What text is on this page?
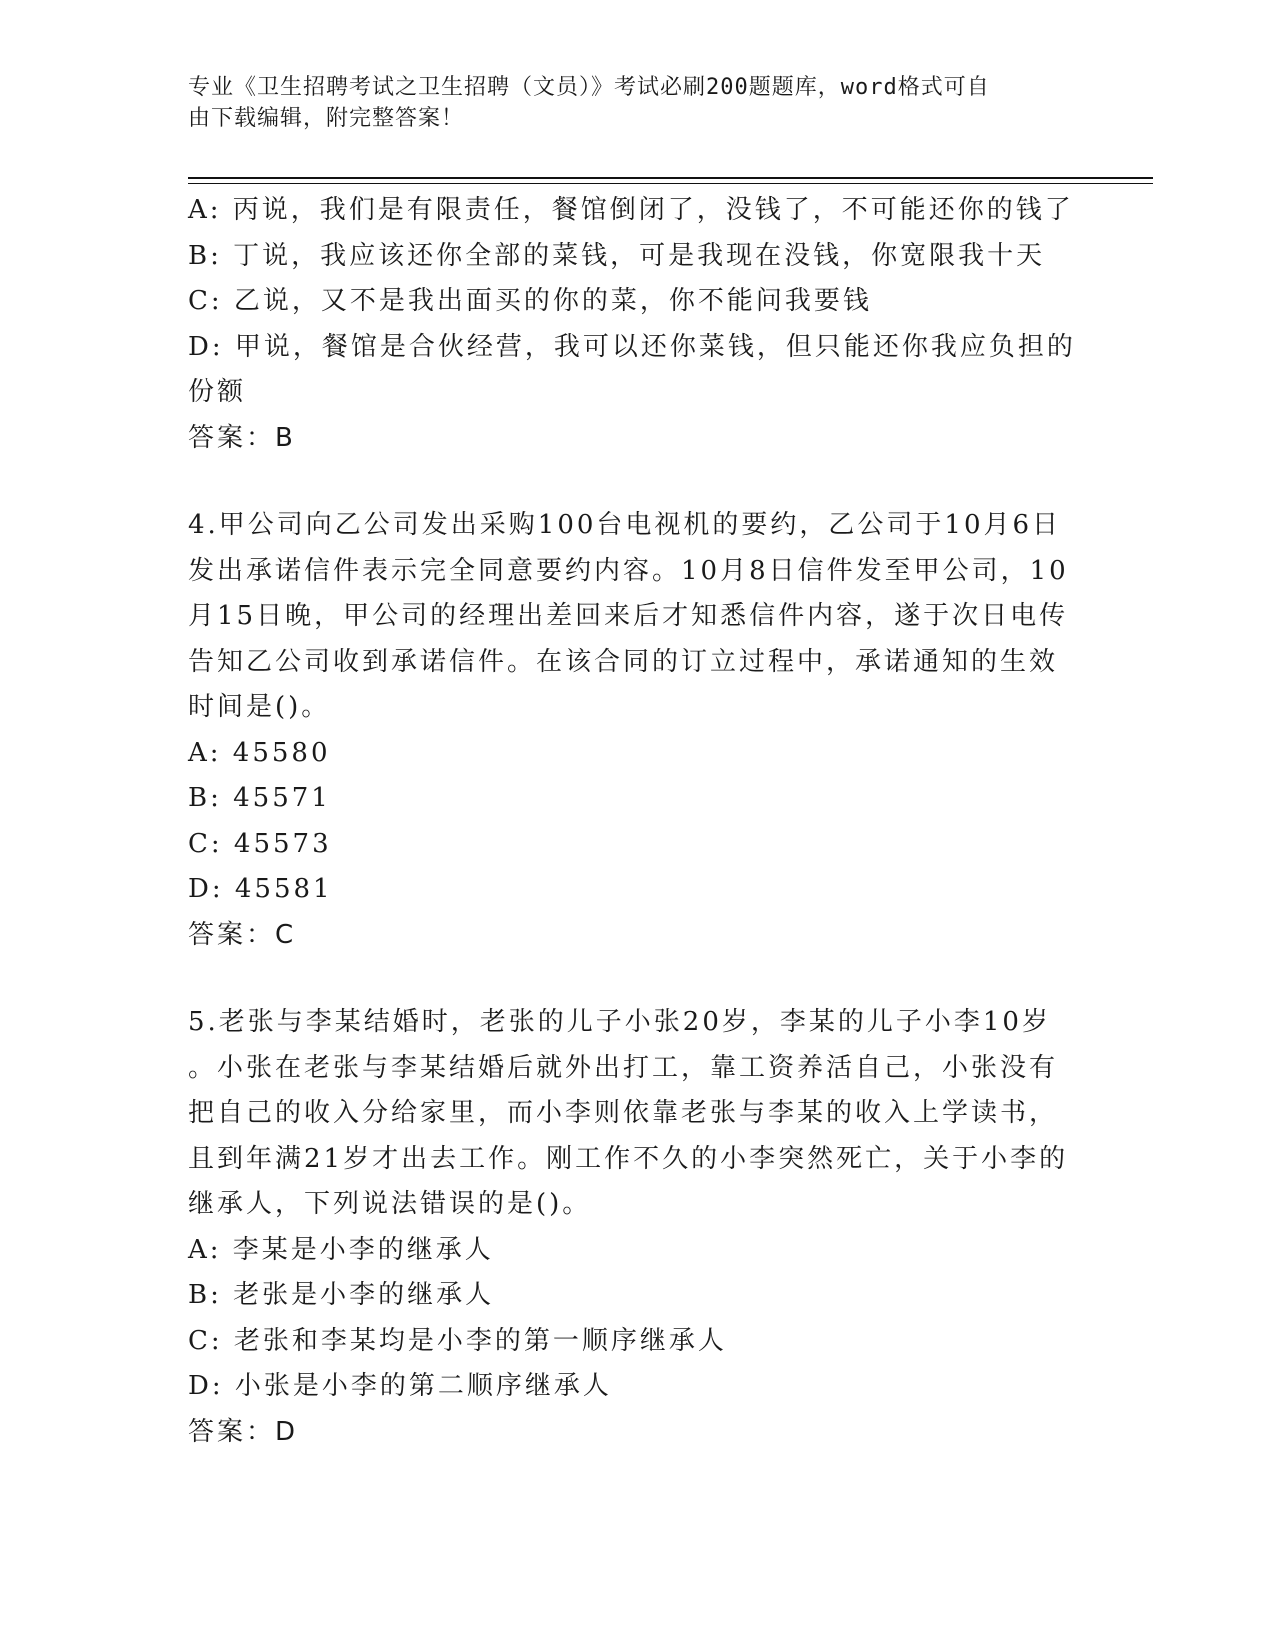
专业《卫生招聘考试之卫生招聘（文员）》考试必刷200题题库，word格式可自
由下载编辑，附完整答案！
A: 丙说，我们是有限责任，餐馆倒闭了，没钱了，不可能还你的钱了
B: 丁说，我应该还你全部的菜钱，可是我现在没钱，你宽限我十天
C: 乙说，又不是我出面买的你的菜，你不能问我要钱
D: 甲说，餐馆是合伙经营，我可以还你菜钱，但只能还你我应负担的
份额
答案：B
4.甲公司向乙公司发出采购100台电视机的要约，乙公司于10月6日
发出承诺信件表示完全同意要约内容。10月8日信件发至甲公司，10
月15日晚，甲公司的经理出差回来后才知悉信件内容，遂于次日电传
告知乙公司收到承诺信件。在该合同的订立过程中，承诺通知的生效
时间是()。
A: 45580
B: 45571
C: 45573
D: 45581
答案：C
5.老张与李某结婚时，老张的儿子小张20岁，李某的儿子小李10岁
。小张在老张与李某结婚后就外出打工，靠工资养活自己，小张没有
把自己的收入分给家里，而小李则依靠老张与李某的收入上学读书，
且到年满21岁才出去工作。刚工作不久的小李突然死亡，关于小李的
继承人，下列说法错误的是()。
A: 李某是小李的继承人
B: 老张是小李的继承人
C: 老张和李某均是小李的第一顺序继承人
D: 小张是小李的第二顺序继承人
答案：D
